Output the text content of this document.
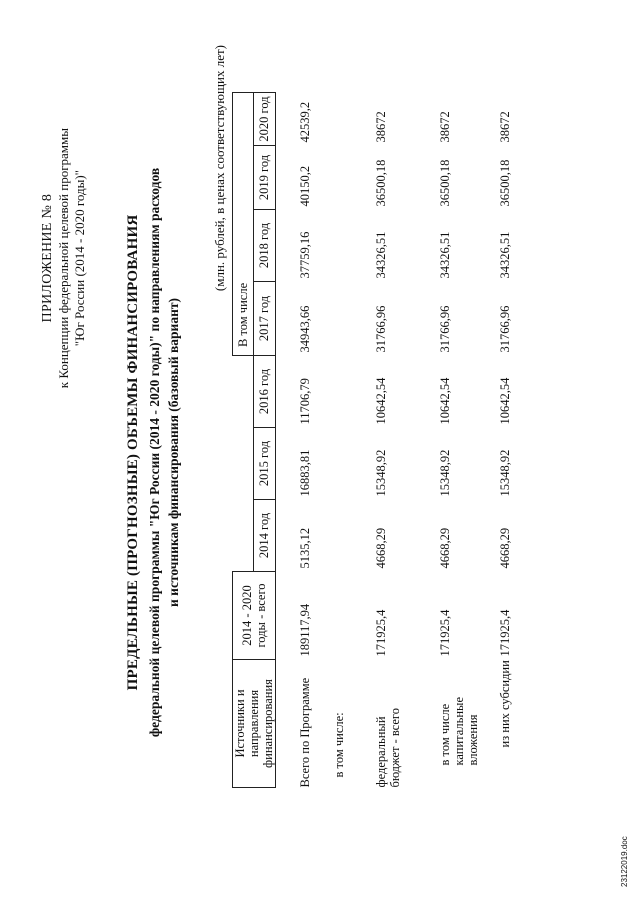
ПРИЛОЖЕНИЕ № 8 к Концепции федеральной целевой программы "Юг России (2014 - 2020 годы)"	ПРЕДЕЛЬНЫЕ (ПРОГНОЗНЫЕ) ОБЪЕМЫ ФИНАНСИРОВАНИЯ федеральной целевой программы "Юг России (2014 - 2020 годы)" по направлениям расходов и источникам финансирования (базовый вариант)
(млн. рублей, в ценах соответствующих лет)
Источники и направления финансирования	2014 - 2020 годы - всего				В том числе			
		2014 год	2015 год	2016 год	2017 год	2018 год	2019 год	2020 год
Всего по Программе	189117,94	5135,12	16883,81	11706,79	34943,66	37759,16	40150,2	42539,2
в том числе:								
федеральный бюджет - всего	171925,4	4668,29	15348,92	10642,54	31766,96	34326,51	36500,18	38672
в том числе капитальные вложения	171925,4	4668,29	15348,92	10642,54	31766,96	34326,51	36500,18	38672
из них субсидии	171925,4	4668,29	15348,92	10642,54	31766,96	34326,51	36500,18	38672
23122019.doc
